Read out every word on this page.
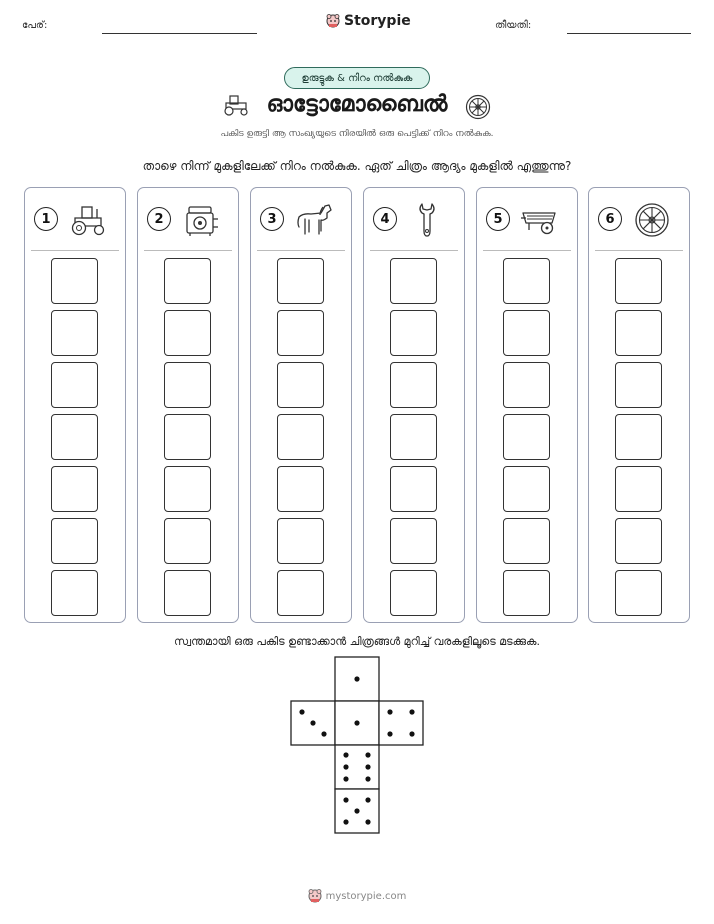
പേര്:	Storypie	തീയതി:
ഉരുട്ടുക & നിറം നൽകുക
ഓട്ടോമോബൈൽ
പകിട ഉരുട്ടി ആ സംഖ്യയുടെ നിരയിൽ ഒരു പെട്ടിക്ക് നിറം നൽകുക.
താഴെ നിന്ന് മുകളിലേക്ക് നിറം നൽകുക. ഏത് ചിത്രം ആദ്യം മുകളിൽ എത്തുന്നു?
1	2	3	4	5	6
സ്വന്തമായി ഒരു പകിട ഉണ്ടാക്കാൻ ചിത്രങ്ങൾ മുറിച്ച് വരകളിലൂടെ മടക്കുക.
mystorypie.com
